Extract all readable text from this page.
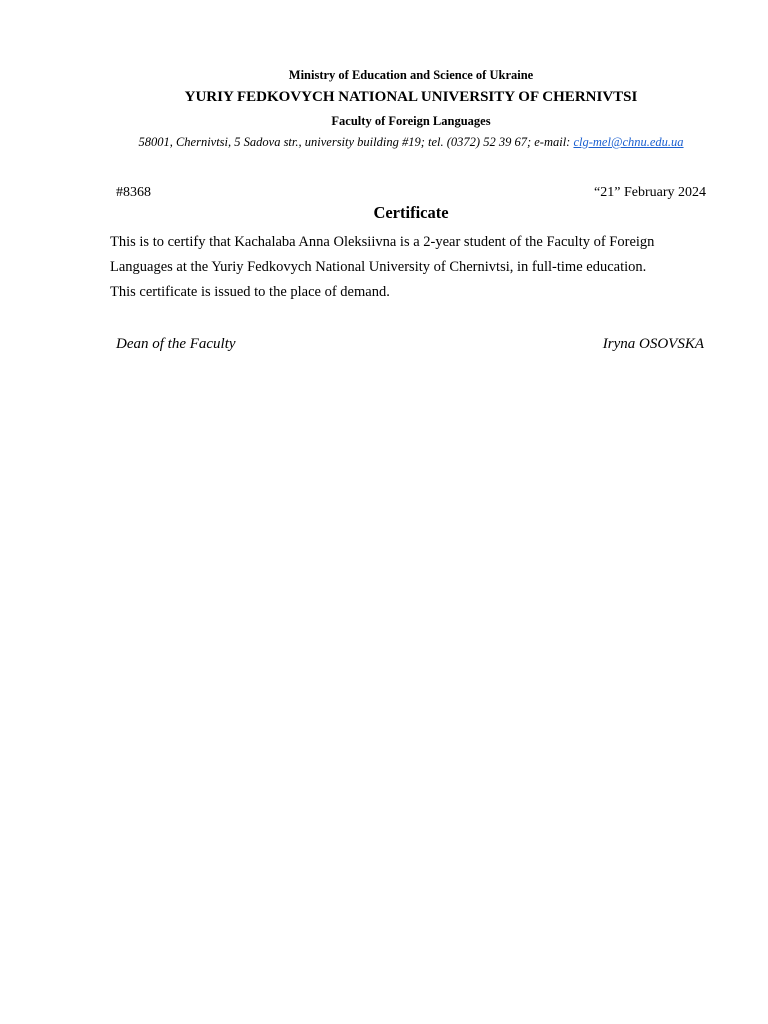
Ministry of Education and Science of Ukraine
YURIY FEDKOVYCH NATIONAL UNIVERSITY OF CHERNIVTSI
Faculty of Foreign Languages
58001, Chernivtsi, 5 Sadova str., university building #19; tel. (0372) 52 39 67; e-mail: clg-mel@chnu.edu.ua
#8368	“21” February 2024
Certificate

This is to certify that Kachalaba Anna Oleksiivna is a 2-year student of the Faculty of Foreign Languages at the Yuriy Fedkovych National University of Chernivtsi, in full-time education.

This certificate is issued to the place of demand.

Dean of the Faculty	Iryna OSOVSKA
